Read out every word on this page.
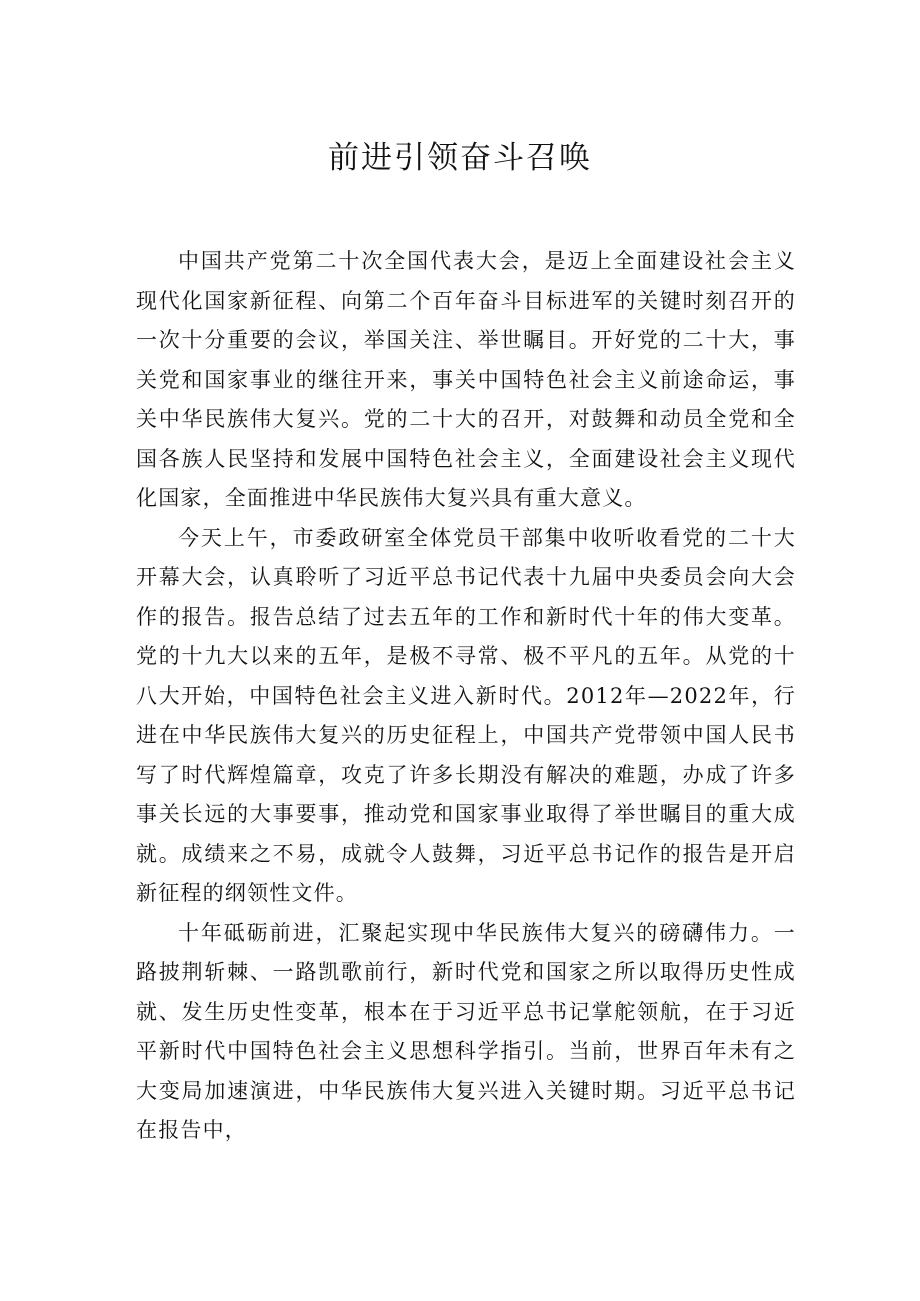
前进引领奋斗召唤

中国共产党第二十次全国代表大会，是迈上全面建设社会主义现代化国家新征程、向第二个百年奋斗目标进军的关键时刻召开的一次十分重要的会议，举国关注、举世瞩目。开好党的二十大，事关党和国家事业的继往开来，事关中国特色社会主义前途命运，事关中华民族伟大复兴。党的二十大的召开，对鼓舞和动员全党和全国各族人民坚持和发展中国特色社会主义，全面建设社会主义现代化国家，全面推进中华民族伟大复兴具有重大意义。

今天上午，市委政研室全体党员干部集中收听收看党的二十大开幕大会，认真聆听了习近平总书记代表十九届中央委员会向大会作的报告。报告总结了过去五年的工作和新时代十年的伟大变革。党的十九大以来的五年，是极不寻常、极不平凡的五年。从党的十八大开始，中国特色社会主义进入新时代。2012年—2022年，行进在中华民族伟大复兴的历史征程上，中国共产党带领中国人民书写了时代辉煌篇章，攻克了许多长期没有解决的难题，办成了许多事关长远的大事要事，推动党和国家事业取得了举世瞩目的重大成就。成绩来之不易，成就令人鼓舞，习近平总书记作的报告是开启新征程的纲领性文件。

十年砥砺前进，汇聚起实现中华民族伟大复兴的磅礴伟力。一路披荆斩棘、一路凯歌前行，新时代党和国家之所以取得历史性成就、发生历史性变革，根本在于习近平总书记掌舵领航，在于习近平新时代中国特色社会主义思想科学指引。当前，世界百年未有之大变局加速演进，中华民族伟大复兴进入关键时期。习近平总书记在报告中，
